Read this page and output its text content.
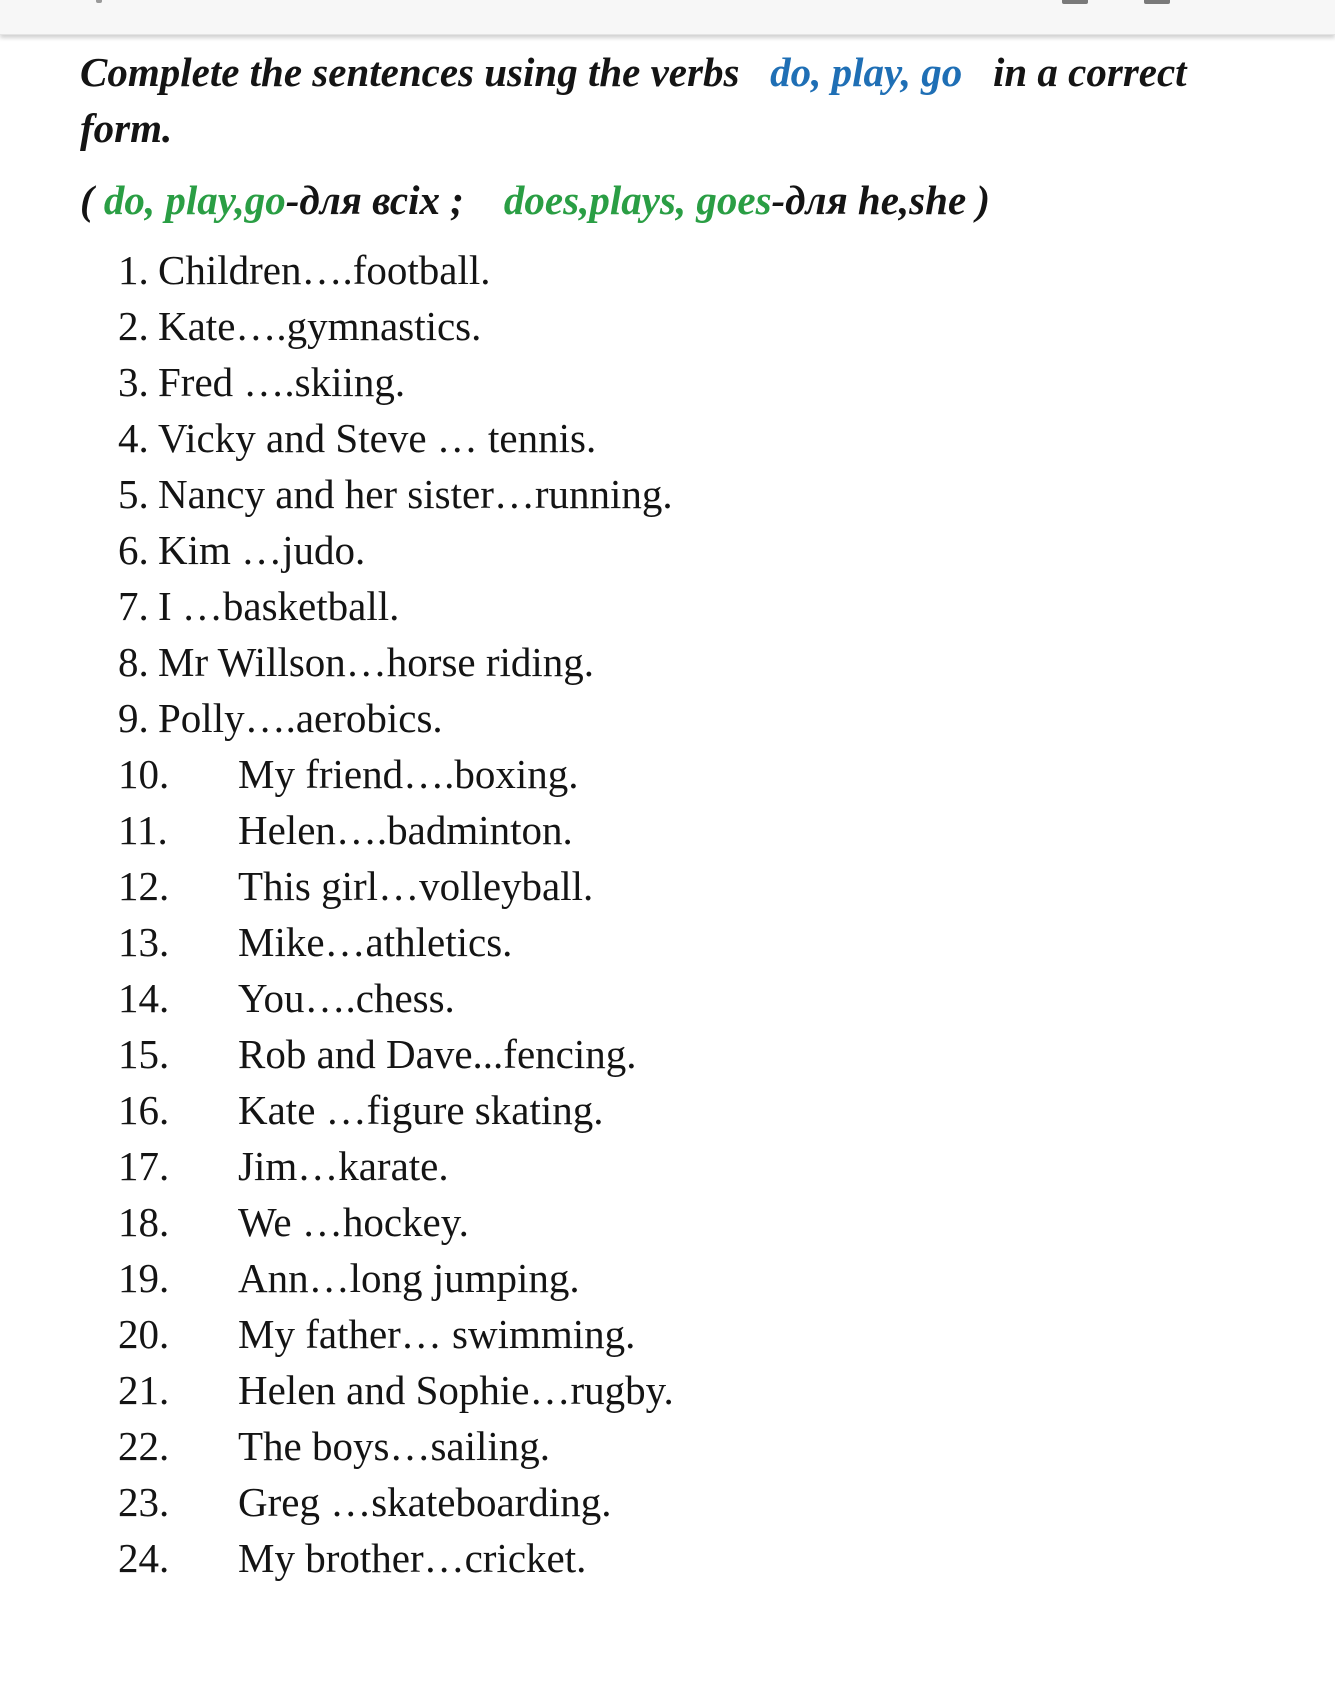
Complete the sentences using the verbs do, play, go in a correct form.

( do, play,go-для всіх ; does,plays, goes-для he,she )

1. Children….football.
2. Kate….gymnastics.
3. Fred ….skiing.
4. Vicky and Steve … tennis.
5. Nancy and her sister…running.
6. Kim …judo.
7. I …basketball.
8. Mr Willson…horse riding.
9. Polly….aerobics.
10.	My friend….boxing.
11.	Helen….badminton.
12.	This girl…volleyball.
13.	Mike…athletics.
14.	You….chess.
15.	Rob and Dave...fencing.
16.	Kate …figure skating.
17.	Jim…karate.
18.	We …hockey.
19.	Ann…long jumping.
20.	My father… swimming.
21.	Helen and Sophie…rugby.
22.	The boys…sailing.
23.	Greg …skateboarding.
24.	My brother…cricket.
